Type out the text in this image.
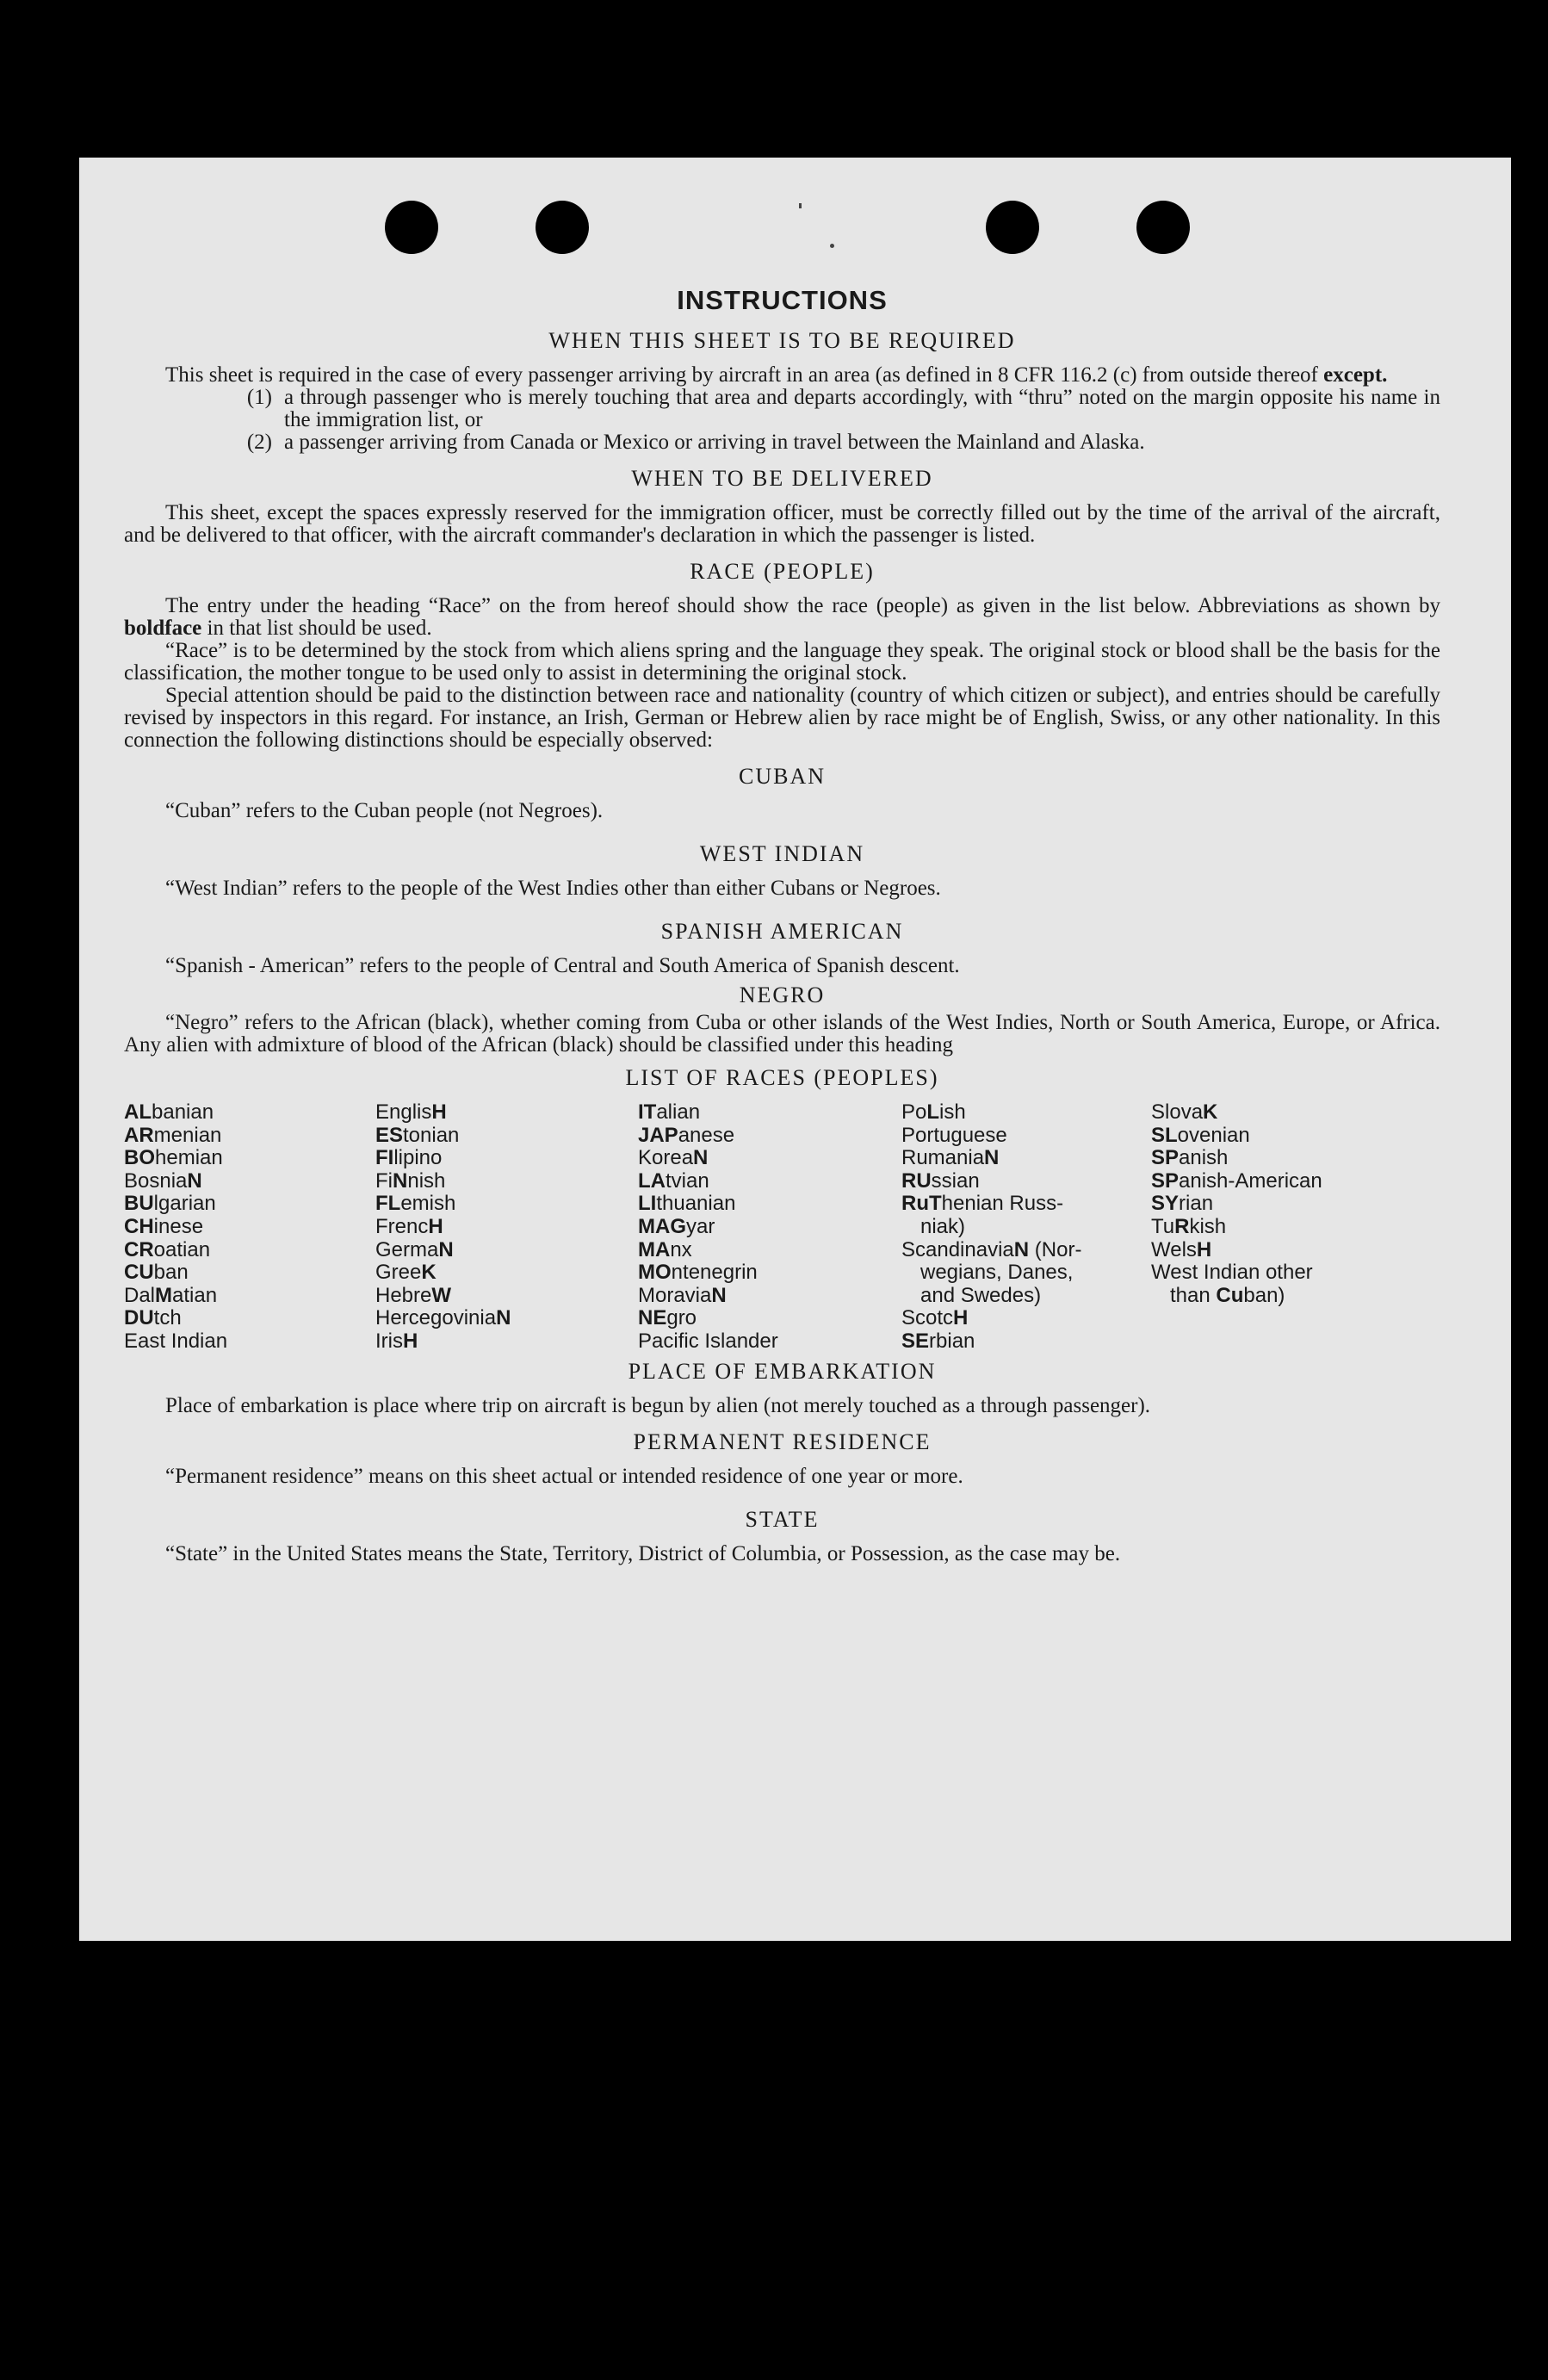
INSTRUCTIONS
WHEN THIS SHEET IS TO BE REQUIRED

This sheet is required in the case of every passenger arriving by aircraft in an area (as defined in 8 CFR 116.2 (c) from outside thereof except.

(1) a through passenger who is merely touching that area and departs accordingly, with “thru” noted on the margin opposite his name in the immigration list, or
(2) a passenger arriving from Canada or Mexico or arriving in travel between the Mainland and Alaska.
WHEN TO BE DELIVERED

This sheet, except the spaces expressly reserved for the immigration officer, must be correctly filled out by the time of the arrival of the aircraft, and be delivered to that officer, with the aircraft commander's declaration in which the passenger is listed.

RACE (PEOPLE)

The entry under the heading “Race” on the from hereof should show the race (people) as given in the list below. Abbreviations as shown by boldface in that list should be used.

“Race” is to be determined by the stock from which aliens spring and the language they speak. The original stock or blood shall be the basis for the classification, the mother tongue to be used only to assist in determining the original stock.

Special attention should be paid to the distinction between race and nationality (country of which citizen or subject), and entries should be carefully revised by inspectors in this regard. For instance, an Irish, German or Hebrew alien by race might be of English, Swiss, or any other nationality. In this connection the following distinctions should be especially observed:

CUBAN

“Cuban” refers to the Cuban people (not Negroes).

WEST INDIAN

“West Indian” refers to the people of the West Indies other than either Cubans or Negroes.

SPANISH AMERICAN

“Spanish - American” refers to the people of Central and South America of Spanish descent.

NEGRO

“Negro” refers to the African (black), whether coming from Cuba or other islands of the West Indies, North or South America, Europe, or Africa. Any alien with admixture of blood of the African (black) should be classified under this heading

LIST OF RACES (PEOPLES)
ALbanian
ARmenian
BOhemian
BosniaN
BUlgarian
CHinese
CRoatian
CUban
DalMatian
DUtch
East Indian
EnglisH
EStonian
FIlipino
FiNnish
FLemish
FrencH
GermaN
GreeK
HebreW
HercegoviniaN
IrisH
ITalian
JAPanese
KoreaN
LAtvian
LIthuanian
MAGyar
MAnx
MOntenegrin
MoraviaN
NEgro
Pacific Islander
PoLish
Portuguese
RumaniaN
RUssian
RuThenian Russ-
niak)
ScandinaviaN (Nor-
wegians, Danes,
and Swedes)
ScotcH
SErbian
SlovaK
SLovenian
SPanish
SPanish-American
SYrian
TuRkish
WelsH
West Indian other
than Cuban)
PLACE OF EMBARKATION

Place of embarkation is place where trip on aircraft is begun by alien (not merely touched as a through passenger).

PERMANENT RESIDENCE

“Permanent residence” means on this sheet actual or intended residence of one year or more.

STATE

“State” in the United States means the State, Territory, District of Columbia, or Possession, as the case may be.
